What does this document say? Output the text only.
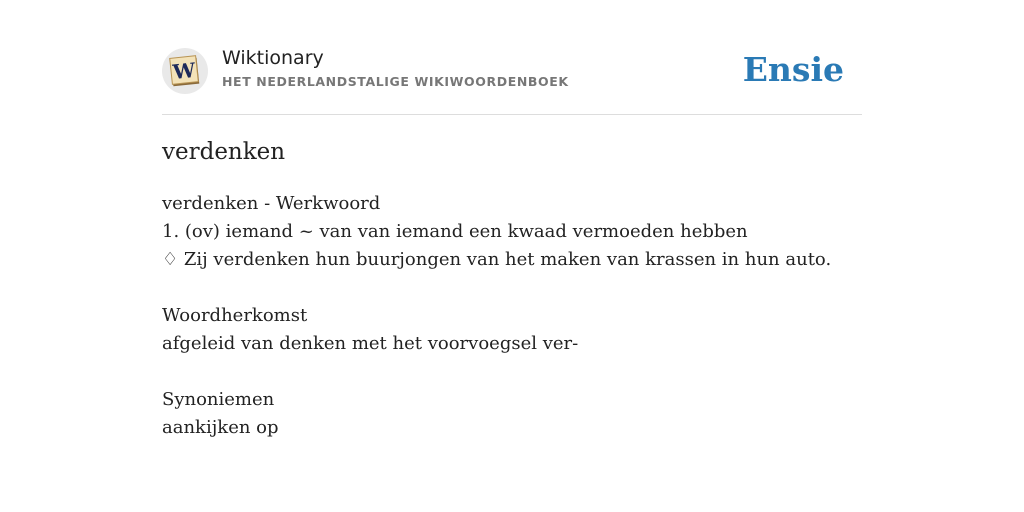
W Wiktionary
HET NEDERLANDSTALIGE WIKIWOORDENBOEK	Ensie
verdenken
verdenken - Werkwoord
1. (ov) iemand ~ van van iemand een kwaad vermoeden hebben
♢ Zij verdenken hun buurjongen van het maken van krassen in hun auto.
Woordherkomst
afgeleid van denken met het voorvoegsel ver-
Synoniemen
aankijken op
